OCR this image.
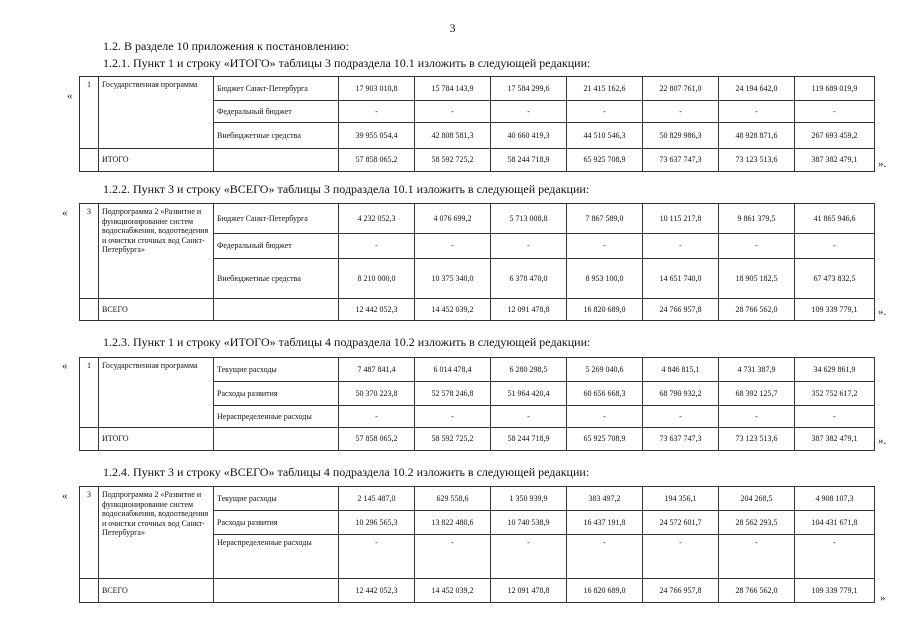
3
1.2. В разделе 10 приложения к постановлению:
1.2.1. Пункт 1 и строку «ИТОГО» таблицы 3 подраздела 10.1 изложить в следующей редакции:
«
1	Государственная программа	Бюджет Санкт-Петербурга	17 903 010,8	15 784 143,9	17 584 299,6	21 415 162,6	22 807 761,0	24 194 642,0	119 689 019,9
		Федеральный бюджет	-	-	-	-	-	-	-
		Внебюджетные средства	39 955 054,4	42 808 581,3	40 660 419,3	44 510 546,3	50 829 986,3	48 928 871,6	267 693 459,2
	ИТОГО		57 858 065,2	58 592 725,2	58 244 718,9	65 925 708,9	73 637 747,3	73 123 513,6	387 382 479,1 ».
1.2.2. Пункт 3 и строку «ВСЕГО» таблицы 3 подраздела 10.1 изложить в следующей редакции:
« 3	Подпрограмма 2 «Развитие и функционирование систем водоснабжения, водоотведения и очистки сточных вод Санкт-Петербурга»	Бюджет Санкт-Петербурга	4 232 052,3	4 076 699,2	5 713 008,8	7 867 589,0	10 115 217,8	9 861 379,5	41 865 946,6
		Федеральный бюджет	-	-	-	-	-	-	-
		Внебюджетные средства	8 210 000,0	10 375 340,0	6 378 470,0	8 953 100,0	14 651 740,0	18 905 182,5	67 473 832,5
	ВСЕГО		12 442 052,3	14 452 039,2	12 091 478,8	16 820 689,0	24 766 957,8	28 766 562,0	109 339 779,1 ».
1.2.3. Пункт 1 и строку «ИТОГО» таблицы 4 подраздела 10.2 изложить в следующей редакции:
« 1	Государственная программа	Текущие расходы	7 487 841,4	6 014 478,4	6 280 298,5	5 269 040,6	4 846 815,1	4 731 387,9	34 629 861,9
		Расходы развития	50 370 223,8	52 578 246,8	51 964 420,4	60 656 668,3	68 790 932,2	68 392 125,7	352 752 617,2
		Нераспределенные расходы	-	-	-	-	-	-	-
	ИТОГО		57 858 065,2	58 592 725,2	58 244 718,9	65 925 708,9	73 637 747,3	73 123 513,6	387 382 479,1 ».
1.2.4. Пункт 3 и строку «ВСЕГО» таблицы 4 подраздела 10.2 изложить в следующей редакции:
« 3	Подпрограмма 2 «Развитие и функционирование систем водоснабжения, водоотведения и очистки сточных вод Санкт-Петербурга»	Текущие расходы	2 145 487,0	629 558,6	1 350 939,9	383 497,2	194 356,1	204 268,5	4 908 107,3
		Расходы развития	10 296 565,3	13 822 480,6	10 740 538,9	16 437 191,8	24 572 601,7	28 562 293,5	104 431 671,8
		Нераспределенные расходы	-	-	-	-	-	-	-
	ВСЕГО		12 442 052,3	14 452 039,2	12 091 478,8	16 820 689,0	24 766 957,8	28 766 562,0	109 339 779,1
»
